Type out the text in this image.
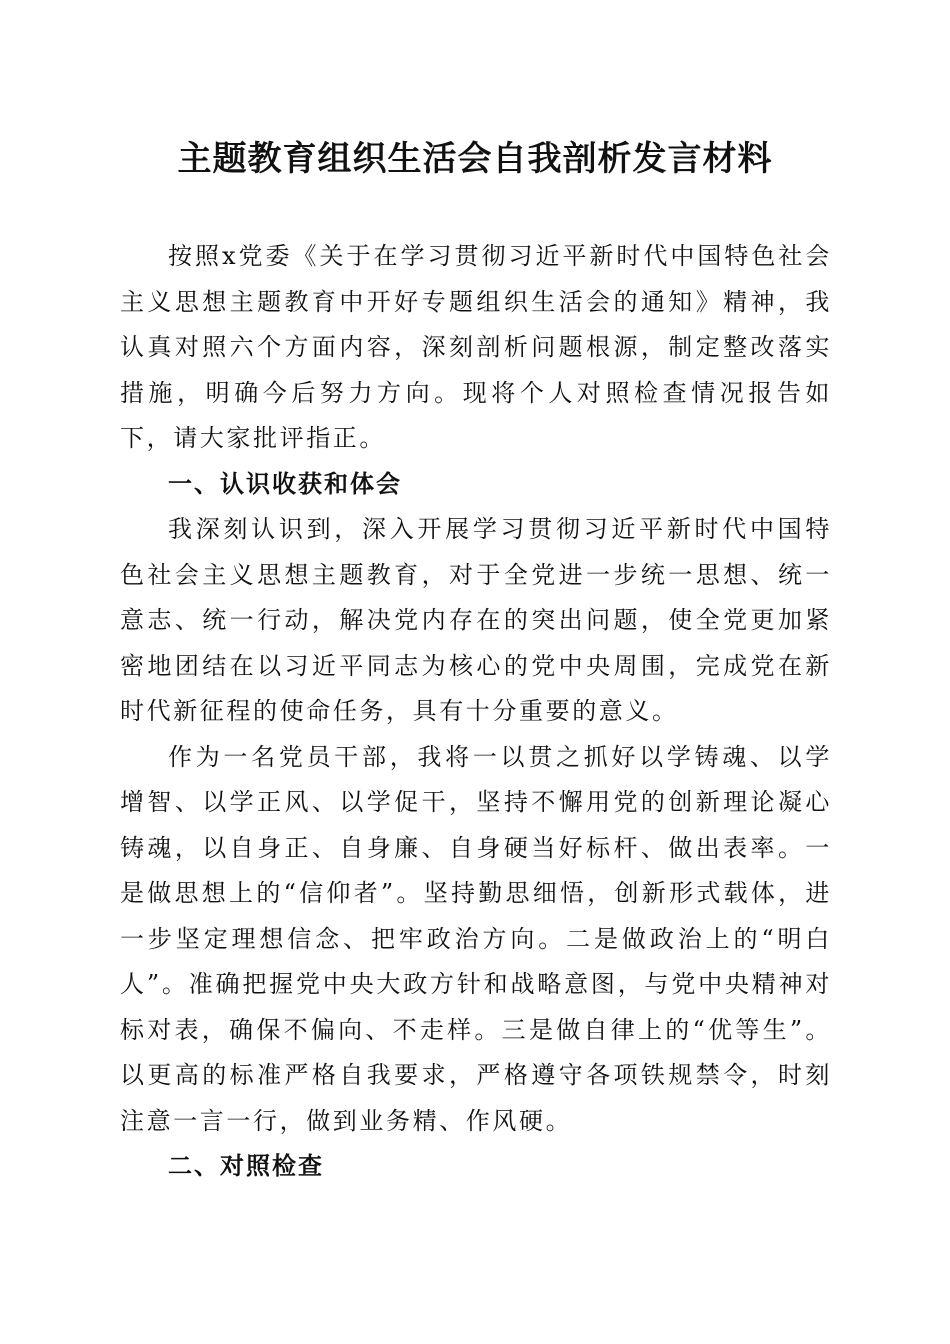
主题教育组织生活会自我剖析发言材料

按照x党委《关于在学习贯彻习近平新时代中国特色社会主义思想主题教育中开好专题组织生活会的通知》精神，我认真对照六个方面内容，深刻剖析问题根源，制定整改落实措施，明确今后努力方向。现将个人对照检查情况报告如下，请大家批评指正。

一、认识收获和体会

我深刻认识到，深入开展学习贯彻习近平新时代中国特色社会主义思想主题教育，对于全党进一步统一思想、统一意志、统一行动，解决党内存在的突出问题，使全党更加紧密地团结在以习近平同志为核心的党中央周围，完成党在新时代新征程的使命任务，具有十分重要的意义。

作为一名党员干部，我将一以贯之抓好以学铸魂、以学增智、以学正风、以学促干，坚持不懈用党的创新理论凝心铸魂，以自身正、自身廉、自身硬当好标杆、做出表率。一是做思想上的“信仰者”。坚持勤思细悟，创新形式载体，进一步坚定理想信念、把牢政治方向。二是做政治上的“明白人”。准确把握党中央大政方针和战略意图，与党中央精神对标对表，确保不偏向、不走样。三是做自律上的“优等生”。以更高的标准严格自我要求，严格遵守各项铁规禁令，时刻注意一言一行，做到业务精、作风硬。

二、对照检查
